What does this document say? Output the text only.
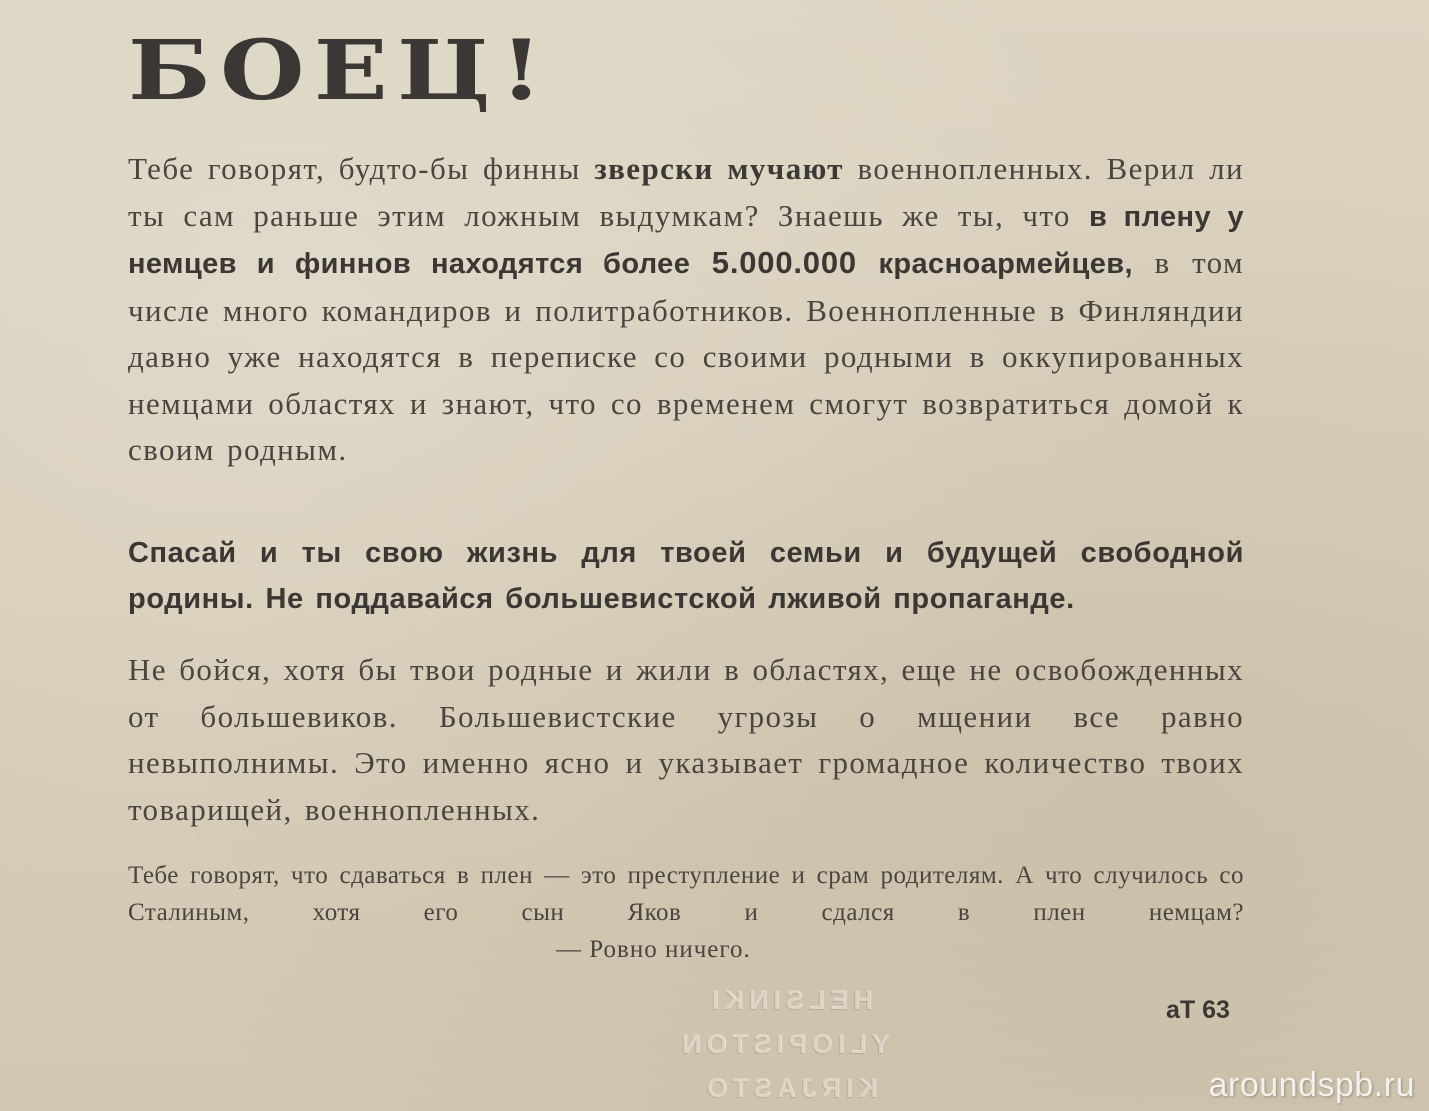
БОЕЦ!

Тебе говорят, будто-бы финны зверски мучают военнопленных. Верил ли ты сам раньше этим ложным выдумкам? Знаешь же ты, что в плену у немцев и финнов находятся более 5.000.000 красноармейцев, в том числе много командиров и политработников. Военнопленные в Финляндии давно уже находятся в переписке со своими родными в оккупированных немцами областях и знают, что со временем смогут возвратиться домой к своим родным.

Спасай и ты свою жизнь для твоей семьи и будущей свободной родины. Не поддавайся большевистской лживой пропаганде.

Не бойся, хотя бы твои родные и жили в областях, еще не освобожденных от большевиков. Большевистские угрозы о мщении все равно невыполнимы. Это именно ясно и указывает громадное количество твоих товарищей, военнопленных.

Тебе говорят, что сдаваться в плен — это преступление и срам родителям. А что случилось со Сталиным, хотя его сын Яков и сдался в плен немцам?

— Ровно ничего.

HELSINKI
YLIOPISTON
KIRJASTO

aT 63

aroundspb.ru
